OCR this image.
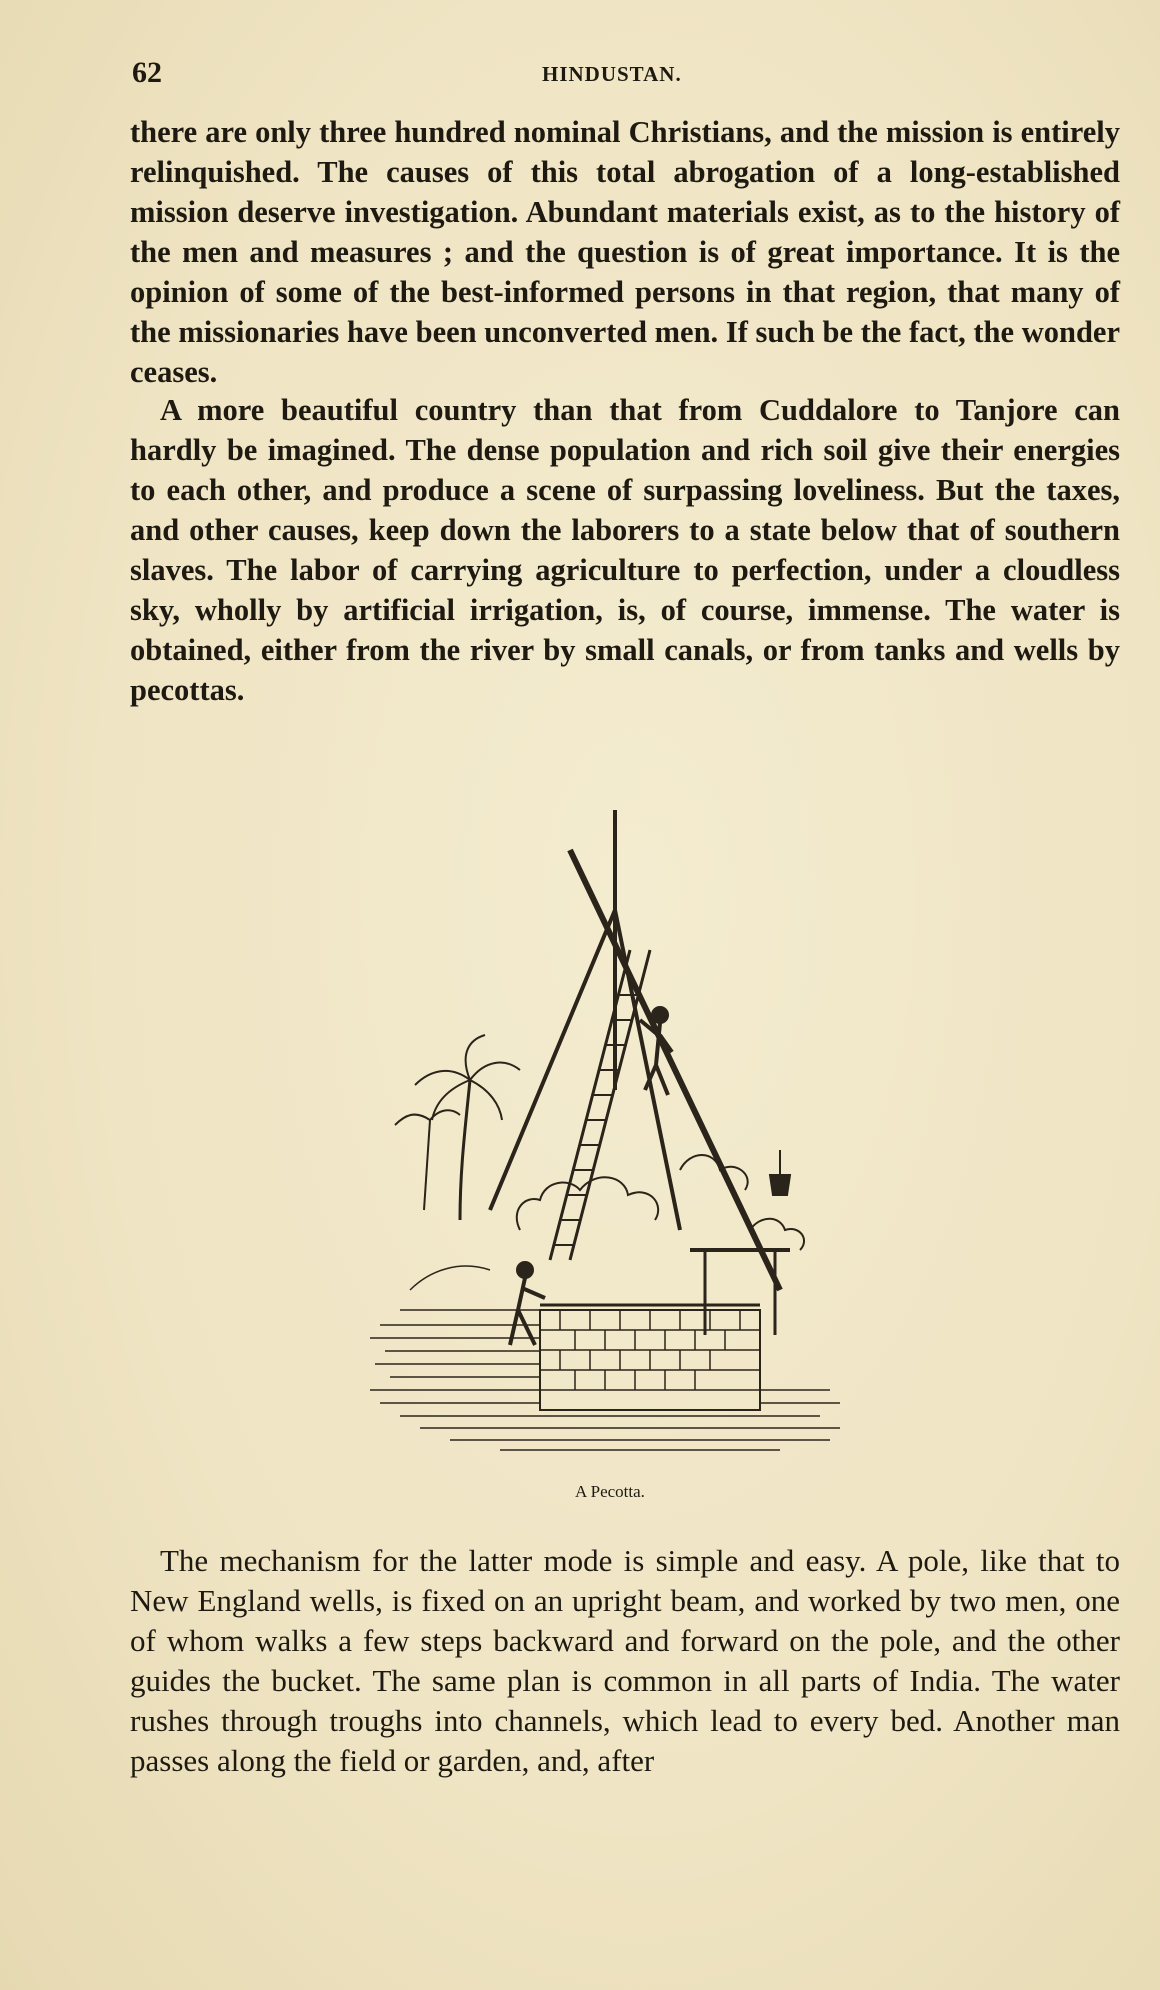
62	HINDUSTAN.

there are only three hundred nominal Christians, and the mission is entirely relinquished. The causes of this total abrogation of a long-established mission deserve investigation. Abundant materials exist, as to the history of the men and measures ; and the question is of great importance. It is the opinion of some of the best-informed persons in that region, that many of the missionaries have been unconverted men. If such be the fact, the wonder ceases.

A more beautiful country than that from Cuddalore to Tanjore can hardly be imagined. The dense population and rich soil give their energies to each other, and produce a scene of surpassing loveliness. But the taxes, and other causes, keep down the laborers to a state below that of southern slaves. The labor of carrying agriculture to perfection, under a cloudless sky, wholly by artificial irrigation, is, of course, immense. The water is obtained, either from the river by small canals, or from tanks and wells by pecottas.

A Pecotta.

The mechanism for the latter mode is simple and easy. A pole, like that to New England wells, is fixed on an upright beam, and worked by two men, one of whom walks a few steps backward and forward on the pole, and the other guides the bucket. The same plan is common in all parts of India. The water rushes through troughs into channels, which lead to every bed. Another man passes along the field or garden, and, after
